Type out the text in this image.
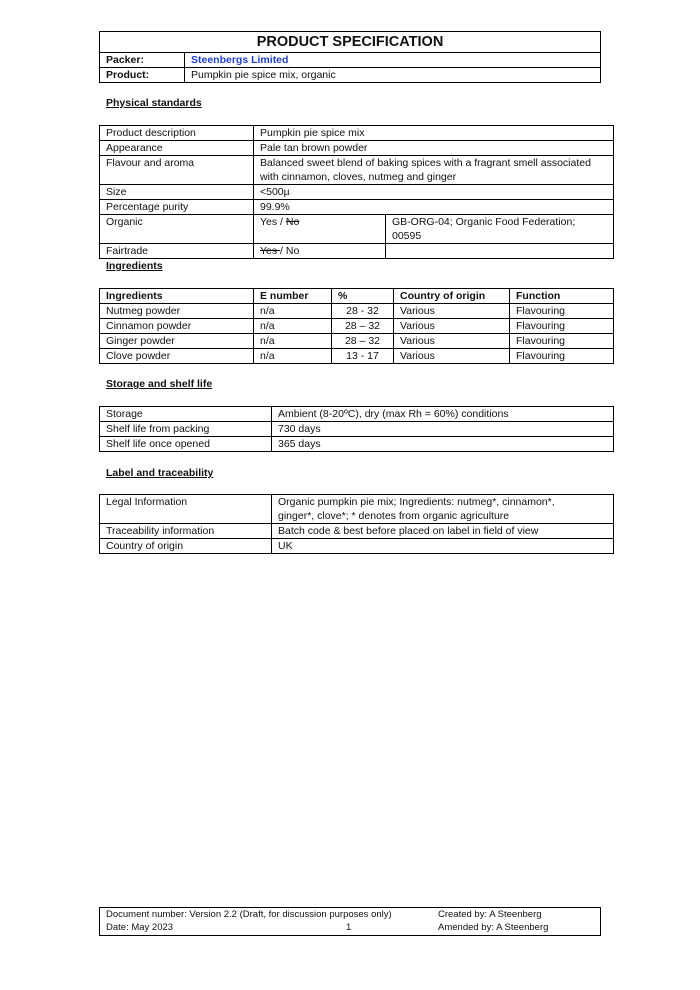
PRODUCT SPECIFICATION	
Packer:	Steenbergs Limited
Product:	Pumpkin pie spice mix, organic
Physical standards
Product description	Pumpkin pie spice mix	
Appearance	Pale tan brown powder	
Flavour and aroma	Balanced sweet blend of baking spices with a fragrant smell associated with cinnamon, cloves, nutmeg and ginger	
Size	<500µ	
Percentage purity	99.9%	
Organic	Yes / No	GB-ORG-04; Organic Food Federation; 00595
Fairtrade	Yes / No	
Ingredients
Ingredients	E number	%	Country of origin	Function
Nutmeg powder	n/a	28 - 32	Various	Flavouring
Cinnamon powder	n/a	28 – 32	Various	Flavouring
Ginger powder	n/a	28 – 32	Various	Flavouring
Clove powder	n/a	13 - 17	Various	Flavouring
Storage and shelf life
Storage	Ambient (8-20ºC), dry (max Rh = 60%) conditions
Shelf life from packing	730 days
Shelf life once opened	365 days
Label and traceability
Legal Information	Organic pumpkin pie mix; Ingredients: nutmeg*, cinnamon*, ginger*, clove*; * denotes from organic agriculture
Traceability information	Batch code & best before placed on label in field of view
Country of origin	UK
Document number: Version 2.2 (Draft, for discussion purposes only)	Created by: A Steenberg
Date: May 2023	1	Amended by: A Steenberg
